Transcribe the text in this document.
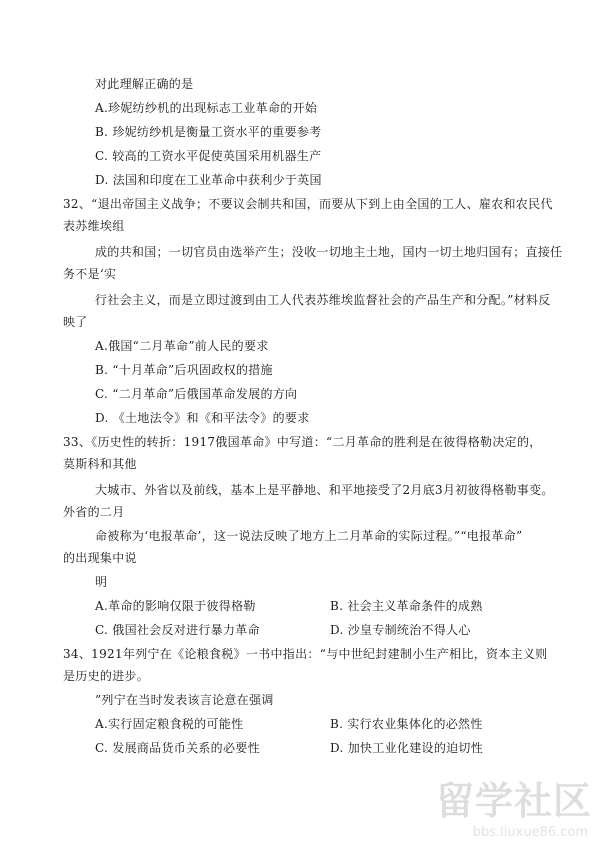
对此理解正确的是
A.珍妮纺纱机的出现标志工业革命的开始
B. 珍妮纺纱机是衡量工资水平的重要参考
C. 较高的工资水平促使英国采用机器生产
D. 法国和印度在工业革命中获利少于英国
32、“退出帝国主义战争；不要议会制共和国，而要从下到上由全国的工人、雇农和农民代
表苏维埃组
成的共和国；一切官员由选举产生；没收一切地主土地，国内一切土地归国有；直接任
务不是‘实
行社会主义，而是立即过渡到由工人代表苏维埃监督社会的产品生产和分配。”材料反
映了
A.俄国“二月革命”前人民的要求
B. “十月革命”后巩固政权的措施
C. “二月革命”后俄国革命发展的方向
D. 《土地法令》和《和平法令》的要求
33、《历史性的转折：1917俄国革命》中写道：“二月革命的胜利是在彼得格勒决定的，
莫斯科和其他
大城市、外省以及前线，基本上是平静地、和平地接受了2月底3月初彼得格勒事变。
外省的二月
命被称为‘电报革命’，这一说法反映了地方上二月革命的实际过程。”“电报革命”
的出现集中说
明
A.革命的影响仅限于彼得格勒	B. 社会主义革命条件的成熟
C. 俄国社会反对进行暴力革命	D. 沙皇专制统治不得人心
34、1921年列宁在《论粮食税》一书中指出：“与中世纪封建制小生产相比，资本主义则
是历史的进步。
”列宁在当时发表该言论意在强调
A.实行固定粮食税的可能性	B. 实行农业集体化的必然性
C. 发展商品货币关系的必要性	D. 加快工业化建设的迫切性
留学社区
bbs.liuxue86.com
